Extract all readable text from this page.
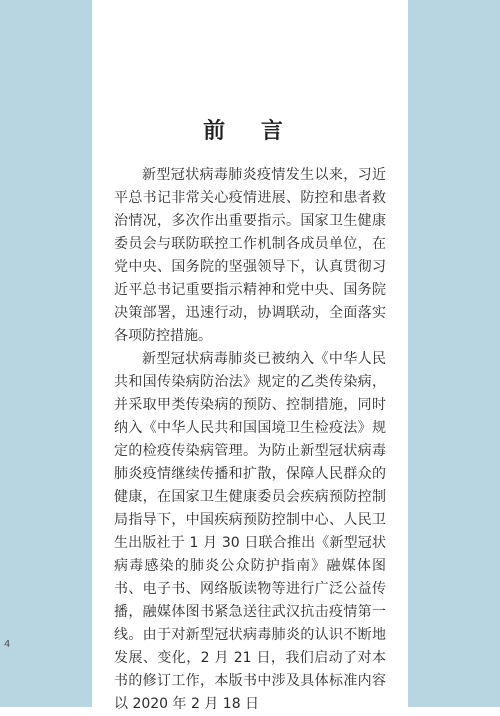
前 言

新型冠状病毒肺炎疫情发生以来，习近平总书记非常关心疫情进展、防控和患者救治情况，多次作出重要指示。国家卫生健康委员会与联防联控工作机制各成员单位，在党中央、国务院的坚强领导下，认真贯彻习近平总书记重要指示精神和党中央、国务院决策部署，迅速行动，协调联动，全面落实各项防控措施。

新型冠状病毒肺炎已被纳入《中华人民共和国传染病防治法》规定的乙类传染病，并采取甲类传染病的预防、控制措施，同时纳入《中华人民共和国国境卫生检疫法》规定的检疫传染病管理。为防止新型冠状病毒肺炎疫情继续传播和扩散，保障人民群众的健康，在国家卫生健康委员会疾病预防控制局指导下，中国疾病预防控制中心、人民卫生出版社于 1 月 30 日联合推出《新型冠状病毒感染的肺炎公众防护指南》融媒体图书、电子书、网络版读物等进行广泛公益传播，融媒体图书紧急送往武汉抗击疫情第一线。由于对新型冠状病毒肺炎的认识不断地发展、变化，2 月 21 日，我们启动了对本书的修订工作，本版书中涉及具体标准内容以 2020 年 2 月 18 日

4
